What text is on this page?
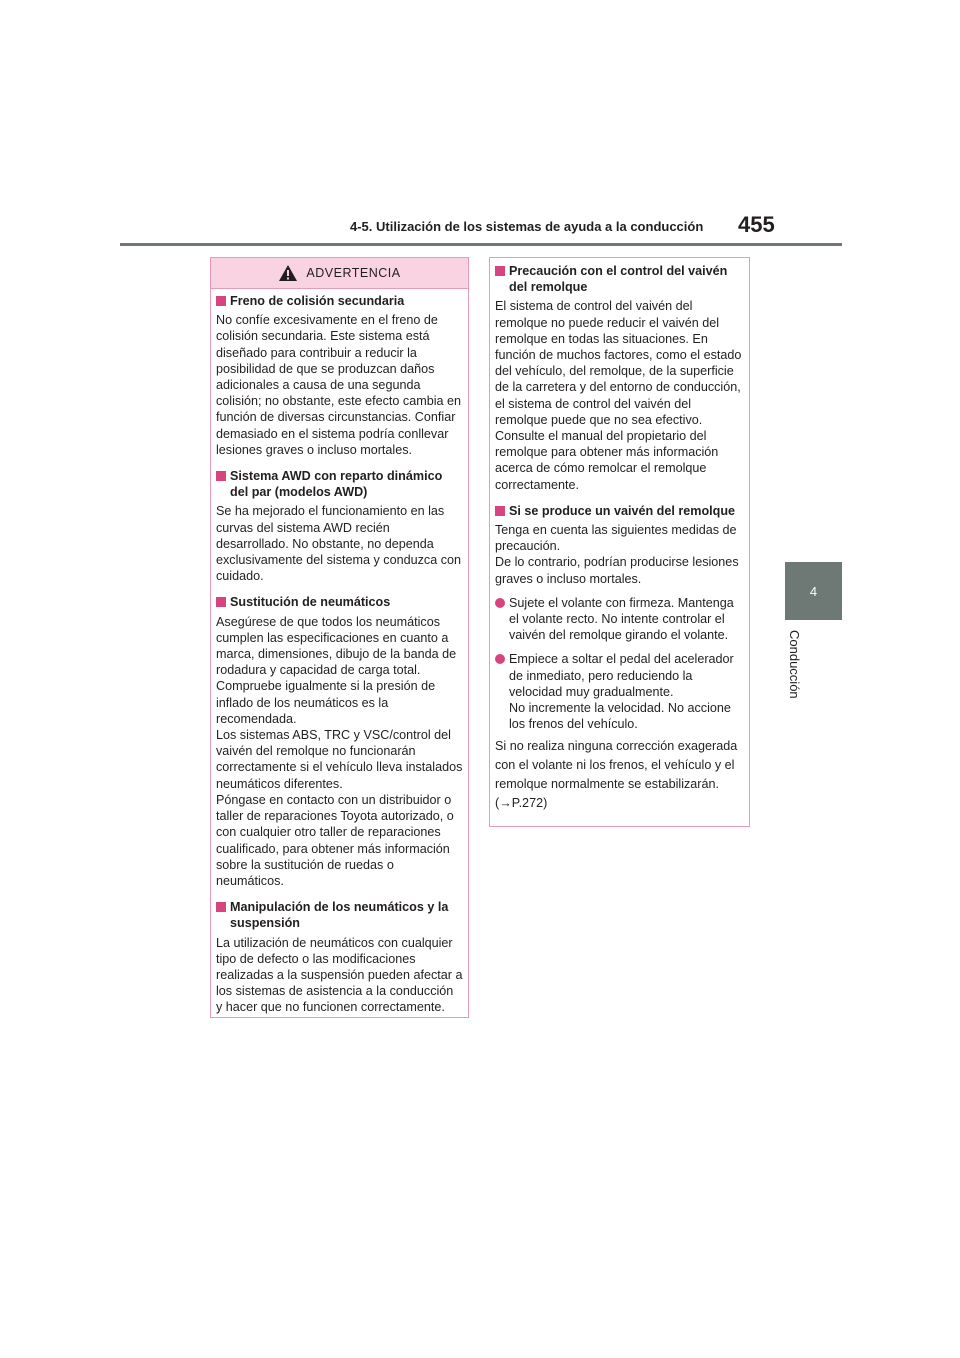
4-5. Utilización de los sistemas de ayuda a la conducción 455
4
Conducción
ADVERTENCIA
Freno de colisión secundaria

No confíe excesivamente en el freno de colisión secundaria. Este sistema está diseñado para contribuir a reducir la posibilidad de que se produzcan daños adicionales a causa de una segunda colisión; no obstante, este efecto cambia en función de diversas circunstancias. Confiar demasiado en el sistema podría conllevar lesiones graves o incluso mortales.

Sistema AWD con reparto dinámico del par (modelos AWD)

Se ha mejorado el funcionamiento en las curvas del sistema AWD recién desarrollado. No obstante, no dependa exclusivamente del sistema y conduzca con cuidado.

Sustitución de neumáticos

Asegúrese de que todos los neumáticos cumplen las especificaciones en cuanto a marca, dimensiones, dibujo de la banda de rodadura y capacidad de carga total. Compruebe igualmente si la presión de inflado de los neumáticos es la recomendada.

Los sistemas ABS, TRC y VSC/control del vaivén del remolque no funcionarán correctamente si el vehículo lleva instalados neumáticos diferentes.

Póngase en contacto con un distribuidor o taller de reparaciones Toyota autorizado, o con cualquier otro taller de reparaciones cualificado, para obtener más información sobre la sustitución de ruedas o neumáticos.

Manipulación de los neumáticos y la suspensión

La utilización de neumáticos con cualquier tipo de defecto o las modificaciones realizadas a la suspensión pueden afectar a los sistemas de asistencia a la conducción y hacer que no funcionen correctamente.

Precaución con el control del vaivén del remolque

El sistema de control del vaivén del remolque no puede reducir el vaivén del remolque en todas las situaciones. En función de muchos factores, como el estado del vehículo, del remolque, de la superficie de la carretera y del entorno de conducción, el sistema de control del vaivén del remolque puede que no sea efectivo. Consulte el manual del propietario del remolque para obtener más información acerca de cómo remolcar el remolque correctamente.

Si se produce un vaivén del remolque

Tenga en cuenta las siguientes medidas de precaución.

De lo contrario, podrían producirse lesiones graves o incluso mortales.

Sujete el volante con firmeza. Mantenga el volante recto. No intente controlar el vaivén del remolque girando el volante.
Empiece a soltar el pedal del acelerador de inmediato, pero reduciendo la velocidad muy gradualmente.
No incremente la velocidad. No accione los frenos del vehículo.

Si no realiza ninguna corrección exagerada con el volante ni los frenos, el vehículo y el remolque normalmente se estabilizarán. (→P.272)
